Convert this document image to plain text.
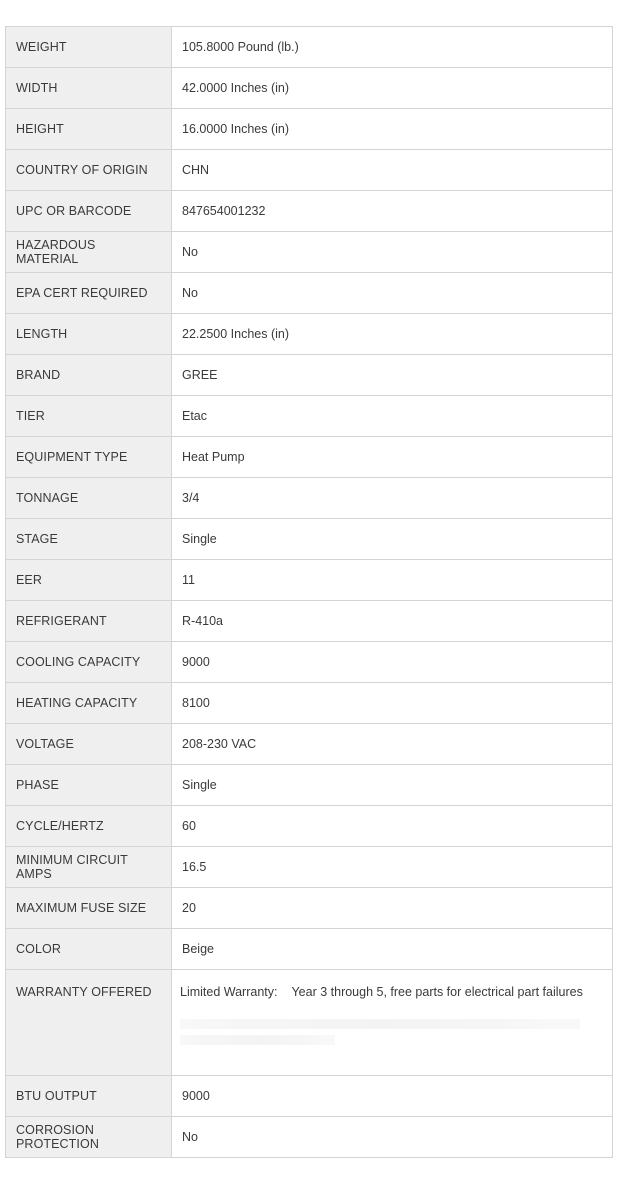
WEIGHT	105.8000 Pound (lb.)
WIDTH	42.0000 Inches (in)
HEIGHT	16.0000 Inches (in)
COUNTRY OF ORIGIN	CHN
UPC OR BARCODE	847654001232
HAZARDOUS MATERIAL	No
EPA CERT REQUIRED	No
LENGTH	22.2500 Inches (in)
BRAND	GREE
TIER	Etac
EQUIPMENT TYPE	Heat Pump
TONNAGE	3/4
STAGE	Single
EER	11
REFRIGERANT	R-410a
COOLING CAPACITY	9000
HEATING CAPACITY	8100
VOLTAGE	208-230 VAC
PHASE	Single
CYCLE/HERTZ	60
MINIMUM CIRCUIT AMPS	16.5
MAXIMUM FUSE SIZE	20
COLOR	Beige
WARRANTY OFFERED	Limited Warranty: Year 3 through 5, free parts for electrical part failures

BTU OUTPUT	9000
CORROSION PROTECTION	No
